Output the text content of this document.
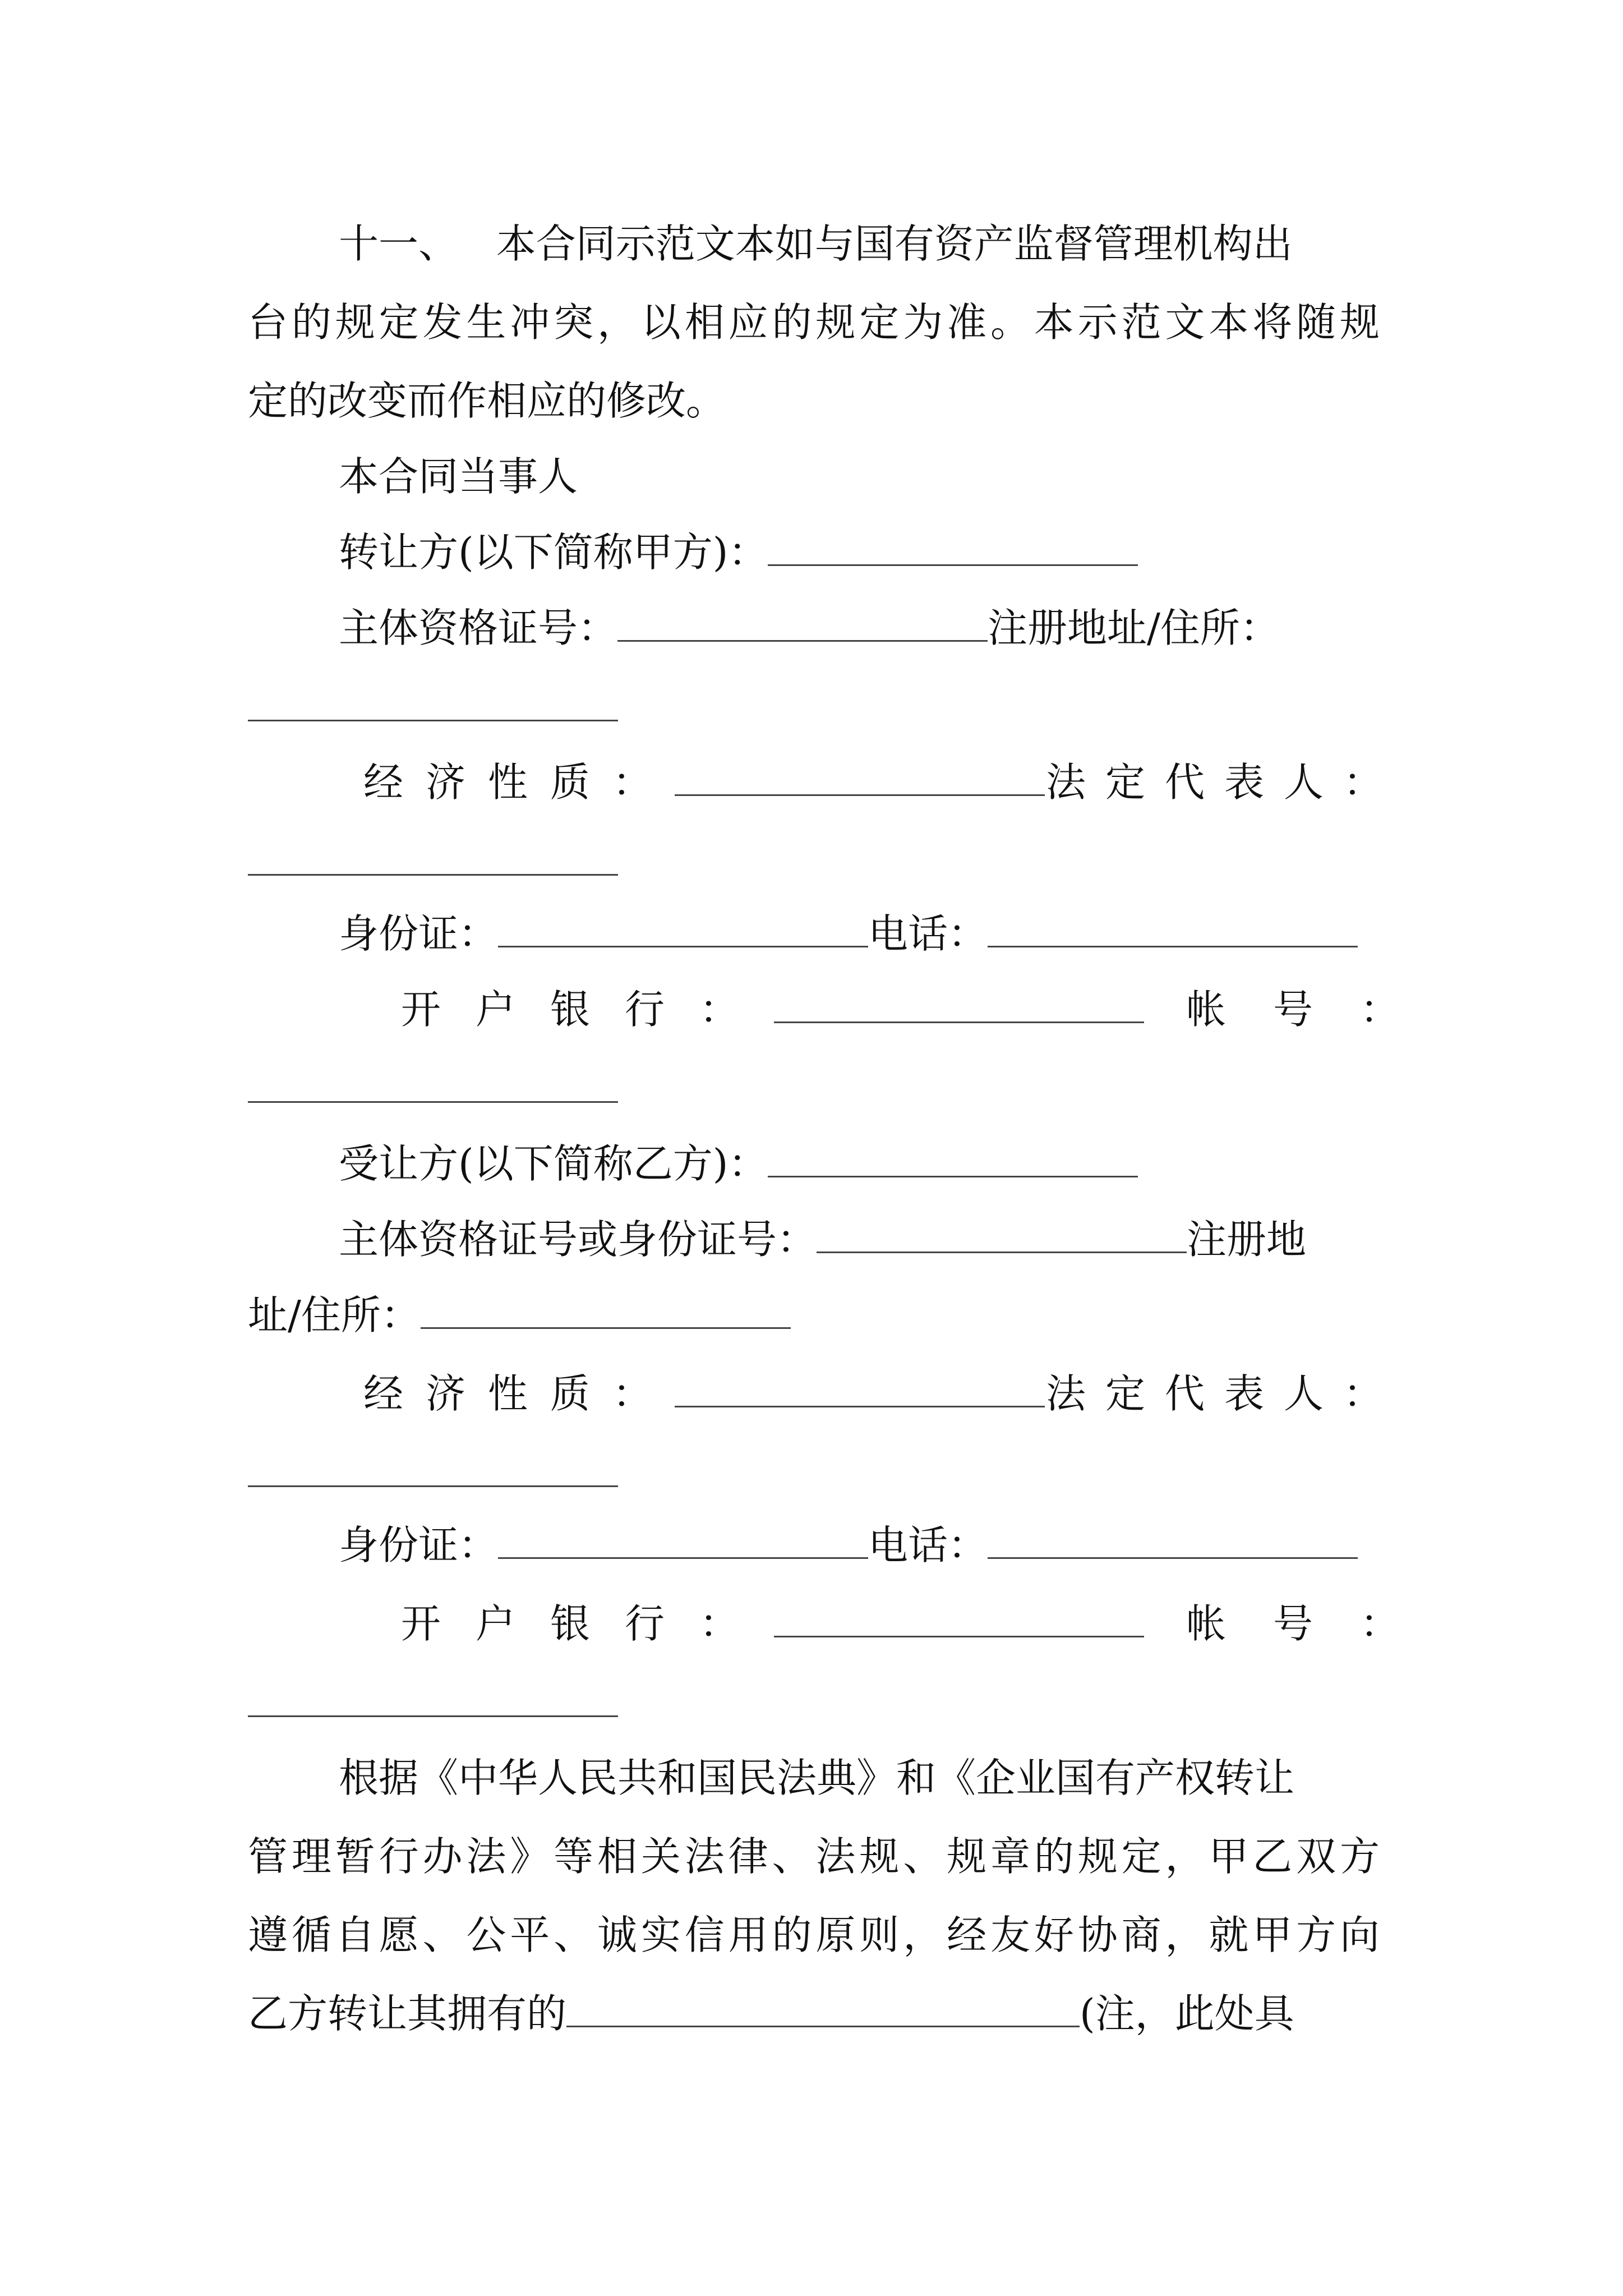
十一、   本合同示范文本如与国有资产监督管理机构出
台的规定发生冲突，以相应的规定为准。本示范文本将随规
定的改变而作相应的修改。
本合同当事人
转让方(以下简称甲方)：
主体资格证号：	注册地址/住所：
经济性质：	法定代表人：
身份证：	电话：
开户银行：	帐号：
受让方(以下简称乙方)：
主体资格证号或身份证号：	注册地
址/住所：
经济性质：	法定代表人：
身份证：	电话：
开户银行：	帐号：
根据《中华人民共和国民法典》和《企业国有产权转让
管理暂行办法》等相关法律、法规、规章的规定，甲乙双方
遵循自愿、公平、诚实信用的原则，经友好协商，就甲方向
乙方转让其拥有的	(注，此处具
